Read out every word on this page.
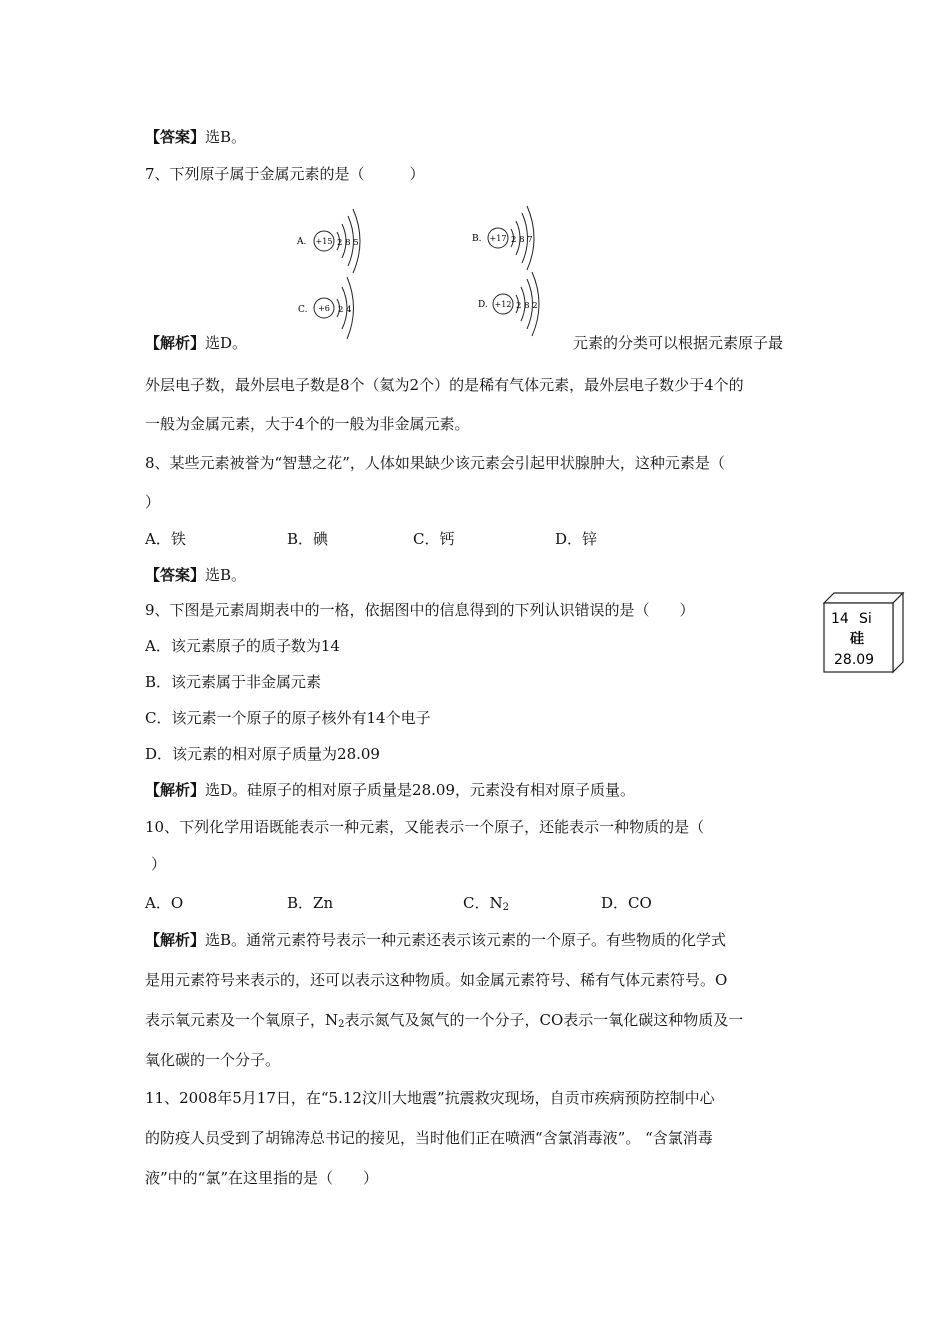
【答案】选B。
7、下列原子属于金属元素的是（　　　）
A. +15 2 8 5	B. +17 2 8 7
C. +6 2 4	D. +12 2 8 2
【解析】选D。	元素的分类可以根据元素原子最
外层电子数，最外层电子数是8个（氦为2个）的是稀有气体元素，最外层电子数少于4个的
一般为金属元素，大于4个的一般为非金属元素。
8、某些元素被誉为“智慧之花”，人体如果缺少该元素会引起甲状腺肿大，这种元素是（
）
A．铁	B．碘	C．钙	D．锌
【答案】选B。
9、下图是元素周期表中的一格，依据图中的信息得到的下列认识错误的是（　　）
A．该元素原子的质子数为14
B．该元素属于非金属元素
C．该元素一个原子的原子核外有14个电子
D．该元素的相对原子质量为28.09
【解析】选D。硅原子的相对原子质量是28.09，元素没有相对原子质量。
14 Si
硅
28.09
10、下列化学用语既能表示一种元素，又能表示一个原子，还能表示一种物质的是（
）
A．O	B．Zn	C．$N_2$	D．CO
【解析】选B。通常元素符号表示一种元素还表示该元素的一个原子。有些物质的化学式
是用元素符号来表示的，还可以表示这种物质。如金属元素符号、稀有气体元素符号。O
表示氧元素及一个氧原子，$N_2$表示氮气及氮气的一个分子，CO表示一氧化碳这种物质及一
氧化碳的一个分子。
11、2008年5月17日，在“5.12汶川大地震”抗震救灾现场，自贡市疾病预防控制中心
的防疫人员受到了胡锦涛总书记的接见，当时他们正在喷洒“含氯消毒液”。 “含氯消毒
液”中的“氯”在这里指的是（　　）
